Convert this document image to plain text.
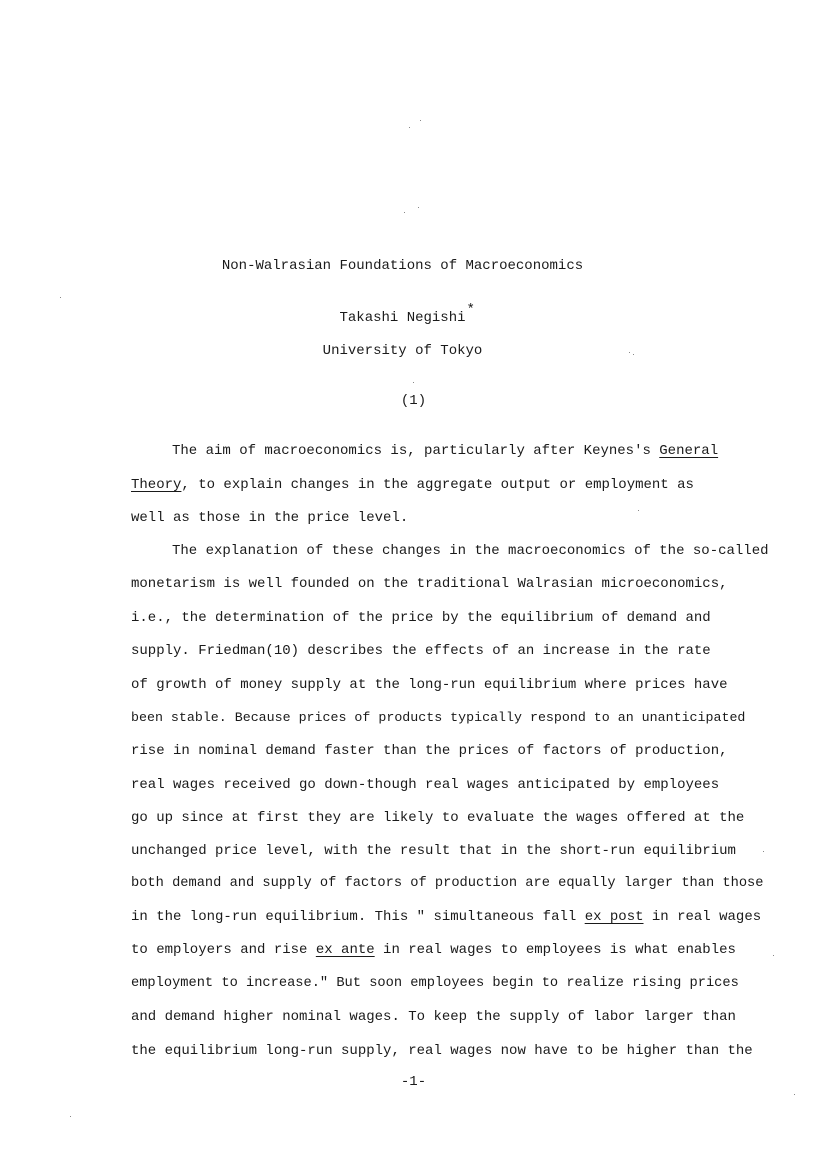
Non-Walrasian Foundations of Macroeconomics
Takashi Negishi *
University of Tokyo
(1)
The aim of macroeconomics is, particularly after Keynes's General
Theory, to explain changes in the aggregate output or employment as
well as those in the price level.
The explanation of these changes in the macroeconomics of the so-called
monetarism is well founded on the traditional Walrasian microeconomics,
i.e., the determination of the price by the equilibrium of demand and
supply. Friedman(10) describes the effects of an increase in the rate
of growth of money supply at the long-run equilibrium where prices have
been stable. Because prices of products typically respond to an unanticipated
rise in nominal demand faster than the prices of factors of production,
real wages received go down-though real wages anticipated by employees
go up since at first they are likely to evaluate the wages offered at the
unchanged price level, with the result that in the short-run equilibrium
both demand and supply of factors of production are equally larger than those
in the long-run equilibrium. This " simultaneous fall ex post in real wages
to employers and rise ex ante in real wages to employees is what enables
employment to increase." But soon employees begin to realize rising prices
and demand higher nominal wages. To keep the supply of labor larger than
the equilibrium long-run supply, real wages now have to be higher than the
-1-
